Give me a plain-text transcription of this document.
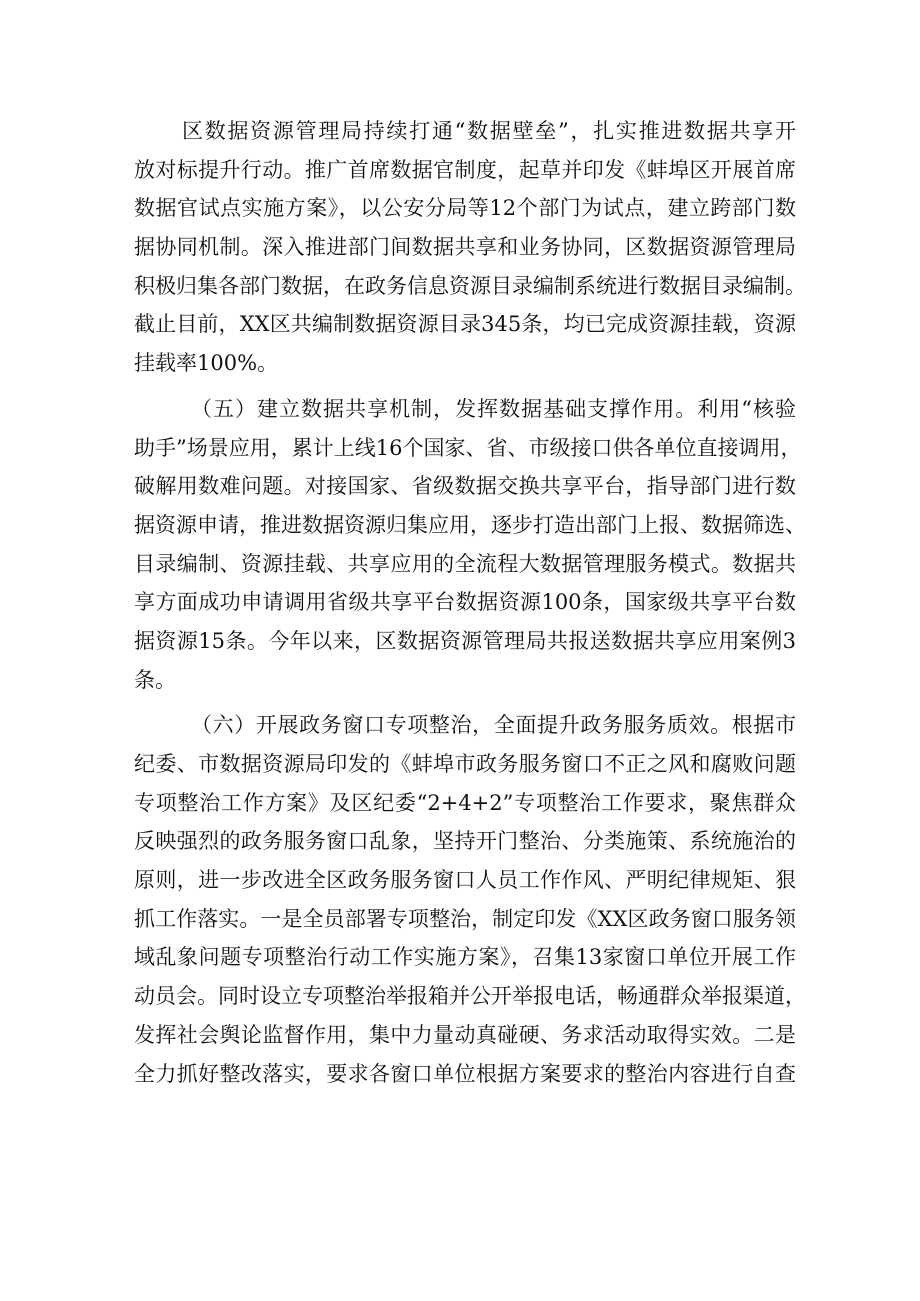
区数据资源管理局持续打通“数据壁垒”，扎实推进数据共享开
放对标提升行动。推广首席数据官制度，起草并印发《蚌埠区开展首席
数据官试点实施方案》，以公安分局等12个部门为试点，建立跨部门数
据协同机制。深入推进部门间数据共享和业务协同，区数据资源管理局
积极归集各部门数据，在政务信息资源目录编制系统进行数据目录编制。
截止目前，XX区共编制数据资源目录345条，均已完成资源挂载，资源
挂载率100%。
（五）建立数据共享机制，发挥数据基础支撑作用。利用“核验
助手”场景应用，累计上线16个国家、省、市级接口供各单位直接调用，
破解用数难问题。对接国家、省级数据交换共享平台，指导部门进行数
据资源申请，推进数据资源归集应用，逐步打造出部门上报、数据筛选、
目录编制、资源挂载、共享应用的全流程大数据管理服务模式。数据共
享方面成功申请调用省级共享平台数据资源100条，国家级共享平台数
据资源15条。今年以来，区数据资源管理局共报送数据共享应用案例3
条。
（六）开展政务窗口专项整治，全面提升政务服务质效。根据市
纪委、市数据资源局印发的《蚌埠市政务服务窗口不正之风和腐败问题
专项整治工作方案》及区纪委“2+4+2”专项整治工作要求，聚焦群众
反映强烈的政务服务窗口乱象，坚持开门整治、分类施策、系统施治的
原则，进一步改进全区政务服务窗口人员工作作风、严明纪律规矩、狠
抓工作落实。一是全员部署专项整治，制定印发《XX区政务窗口服务领
域乱象问题专项整治行动工作实施方案》，召集13家窗口单位开展工作
动员会。同时设立专项整治举报箱并公开举报电话，畅通群众举报渠道，
发挥社会舆论监督作用，集中力量动真碰硬、务求活动取得实效。二是
全力抓好整改落实，要求各窗口单位根据方案要求的整治内容进行自查
